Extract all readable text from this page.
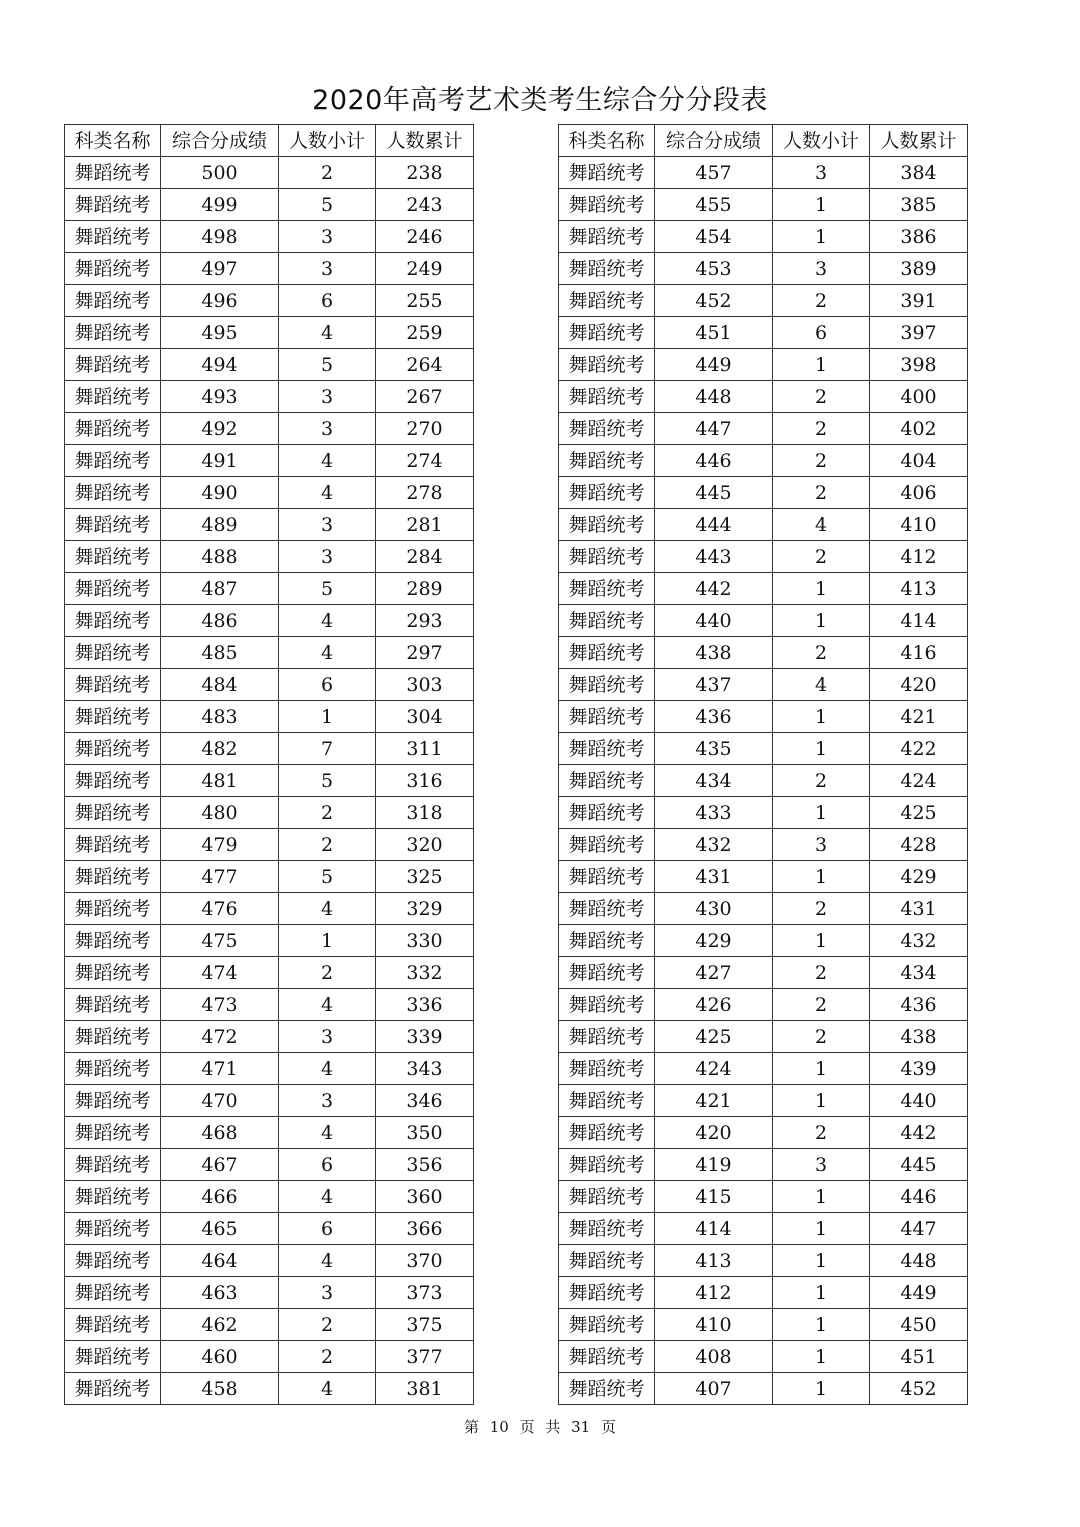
2020年高考艺术类考生综合分分段表
科类名称	综合分成绩	人数小计	人数累计
舞蹈统考	500	2	238
舞蹈统考	499	5	243
舞蹈统考	498	3	246
舞蹈统考	497	3	249
舞蹈统考	496	6	255
舞蹈统考	495	4	259
舞蹈统考	494	5	264
舞蹈统考	493	3	267
舞蹈统考	492	3	270
舞蹈统考	491	4	274
舞蹈统考	490	4	278
舞蹈统考	489	3	281
舞蹈统考	488	3	284
舞蹈统考	487	5	289
舞蹈统考	486	4	293
舞蹈统考	485	4	297
舞蹈统考	484	6	303
舞蹈统考	483	1	304
舞蹈统考	482	7	311
舞蹈统考	481	5	316
舞蹈统考	480	2	318
舞蹈统考	479	2	320
舞蹈统考	477	5	325
舞蹈统考	476	4	329
舞蹈统考	475	1	330
舞蹈统考	474	2	332
舞蹈统考	473	4	336
舞蹈统考	472	3	339
舞蹈统考	471	4	343
舞蹈统考	470	3	346
舞蹈统考	468	4	350
舞蹈统考	467	6	356
舞蹈统考	466	4	360
舞蹈统考	465	6	366
舞蹈统考	464	4	370
舞蹈统考	463	3	373
舞蹈统考	462	2	375
舞蹈统考	460	2	377
舞蹈统考	458	4	381
科类名称	综合分成绩	人数小计	人数累计
舞蹈统考	457	3	384
舞蹈统考	455	1	385
舞蹈统考	454	1	386
舞蹈统考	453	3	389
舞蹈统考	452	2	391
舞蹈统考	451	6	397
舞蹈统考	449	1	398
舞蹈统考	448	2	400
舞蹈统考	447	2	402
舞蹈统考	446	2	404
舞蹈统考	445	2	406
舞蹈统考	444	4	410
舞蹈统考	443	2	412
舞蹈统考	442	1	413
舞蹈统考	440	1	414
舞蹈统考	438	2	416
舞蹈统考	437	4	420
舞蹈统考	436	1	421
舞蹈统考	435	1	422
舞蹈统考	434	2	424
舞蹈统考	433	1	425
舞蹈统考	432	3	428
舞蹈统考	431	1	429
舞蹈统考	430	2	431
舞蹈统考	429	1	432
舞蹈统考	427	2	434
舞蹈统考	426	2	436
舞蹈统考	425	2	438
舞蹈统考	424	1	439
舞蹈统考	421	1	440
舞蹈统考	420	2	442
舞蹈统考	419	3	445
舞蹈统考	415	1	446
舞蹈统考	414	1	447
舞蹈统考	413	1	448
舞蹈统考	412	1	449
舞蹈统考	410	1	450
舞蹈统考	408	1	451
舞蹈统考	407	1	452
第 10 页 共 31 页
